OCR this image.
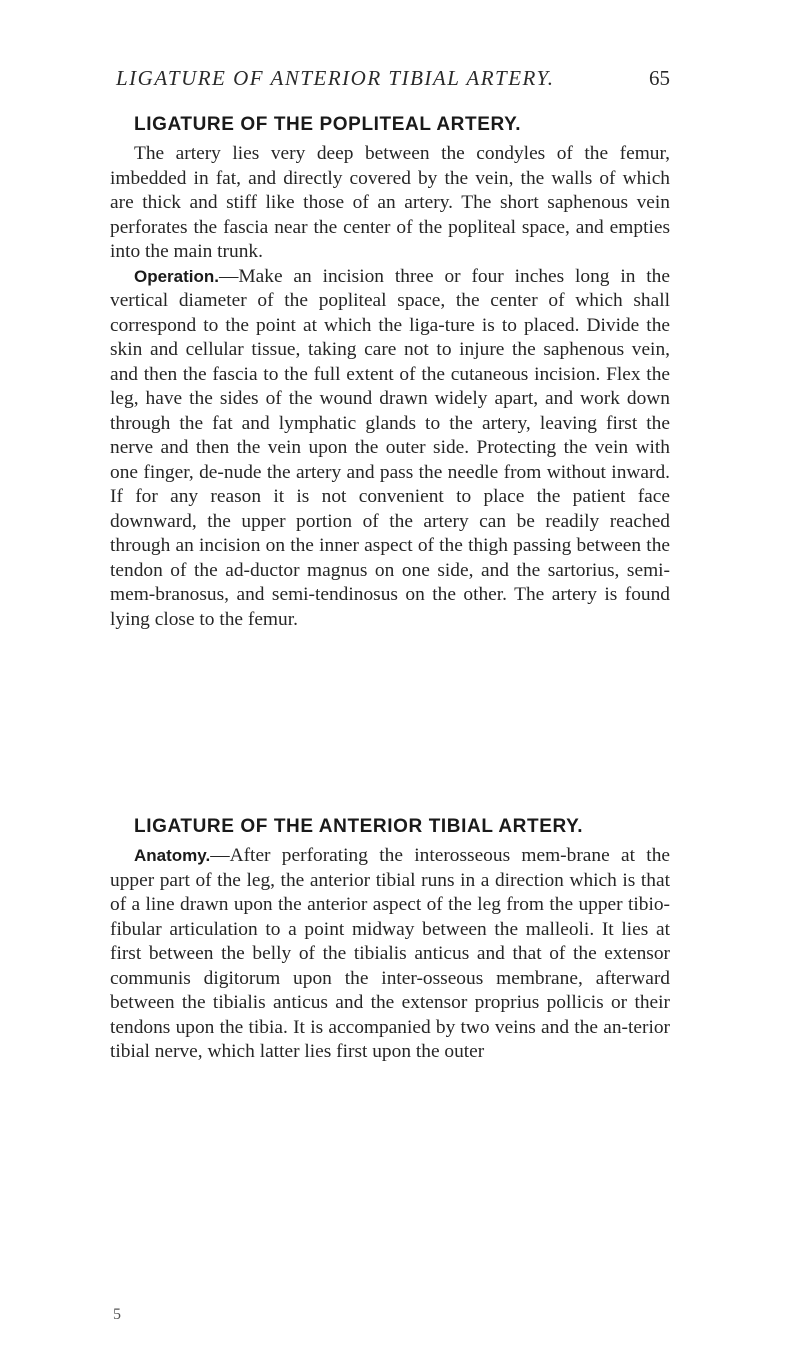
LIGATURE OF ANTERIOR TIBIAL ARTERY.	65
LIGATURE OF THE POPLITEAL ARTERY.

The artery lies very deep between the condyles of the femur, imbedded in fat, and directly covered by the vein, the walls of which are thick and stiff like those of an artery. The short saphenous vein perforates the fascia near the center of the popliteal space, and empties into the main trunk.

Operation.—Make an incision three or four inches long in the vertical diameter of the popliteal space, the center of which shall correspond to the point at which the liga-ture is to placed. Divide the skin and cellular tissue, taking care not to injure the saphenous vein, and then the fascia to the full extent of the cutaneous incision. Flex the leg, have the sides of the wound drawn widely apart, and work down through the fat and lymphatic glands to the artery, leaving first the nerve and then the vein upon the outer side. Protecting the vein with one finger, de-nude the artery and pass the needle from without inward. If for any reason it is not convenient to place the patient face downward, the upper portion of the artery can be readily reached through an incision on the inner aspect of the thigh passing between the tendon of the ad-ductor magnus on one side, and the sartorius, semi-mem-branosus, and semi-tendinosus on the other. The artery is found lying close to the femur.

LIGATURE OF THE ANTERIOR TIBIAL ARTERY.

Anatomy.—After perforating the interosseous mem-brane at the upper part of the leg, the anterior tibial runs in a direction which is that of a line drawn upon the anterior aspect of the leg from the upper tibio-fibular articulation to a point midway between the malleoli. It lies at first between the belly of the tibialis anticus and that of the extensor communis digitorum upon the inter-osseous membrane, afterward between the tibialis anticus and the extensor proprius pollicis or their tendons upon the tibia. It is accompanied by two veins and the an-terior tibial nerve, which latter lies first upon the outer

5
